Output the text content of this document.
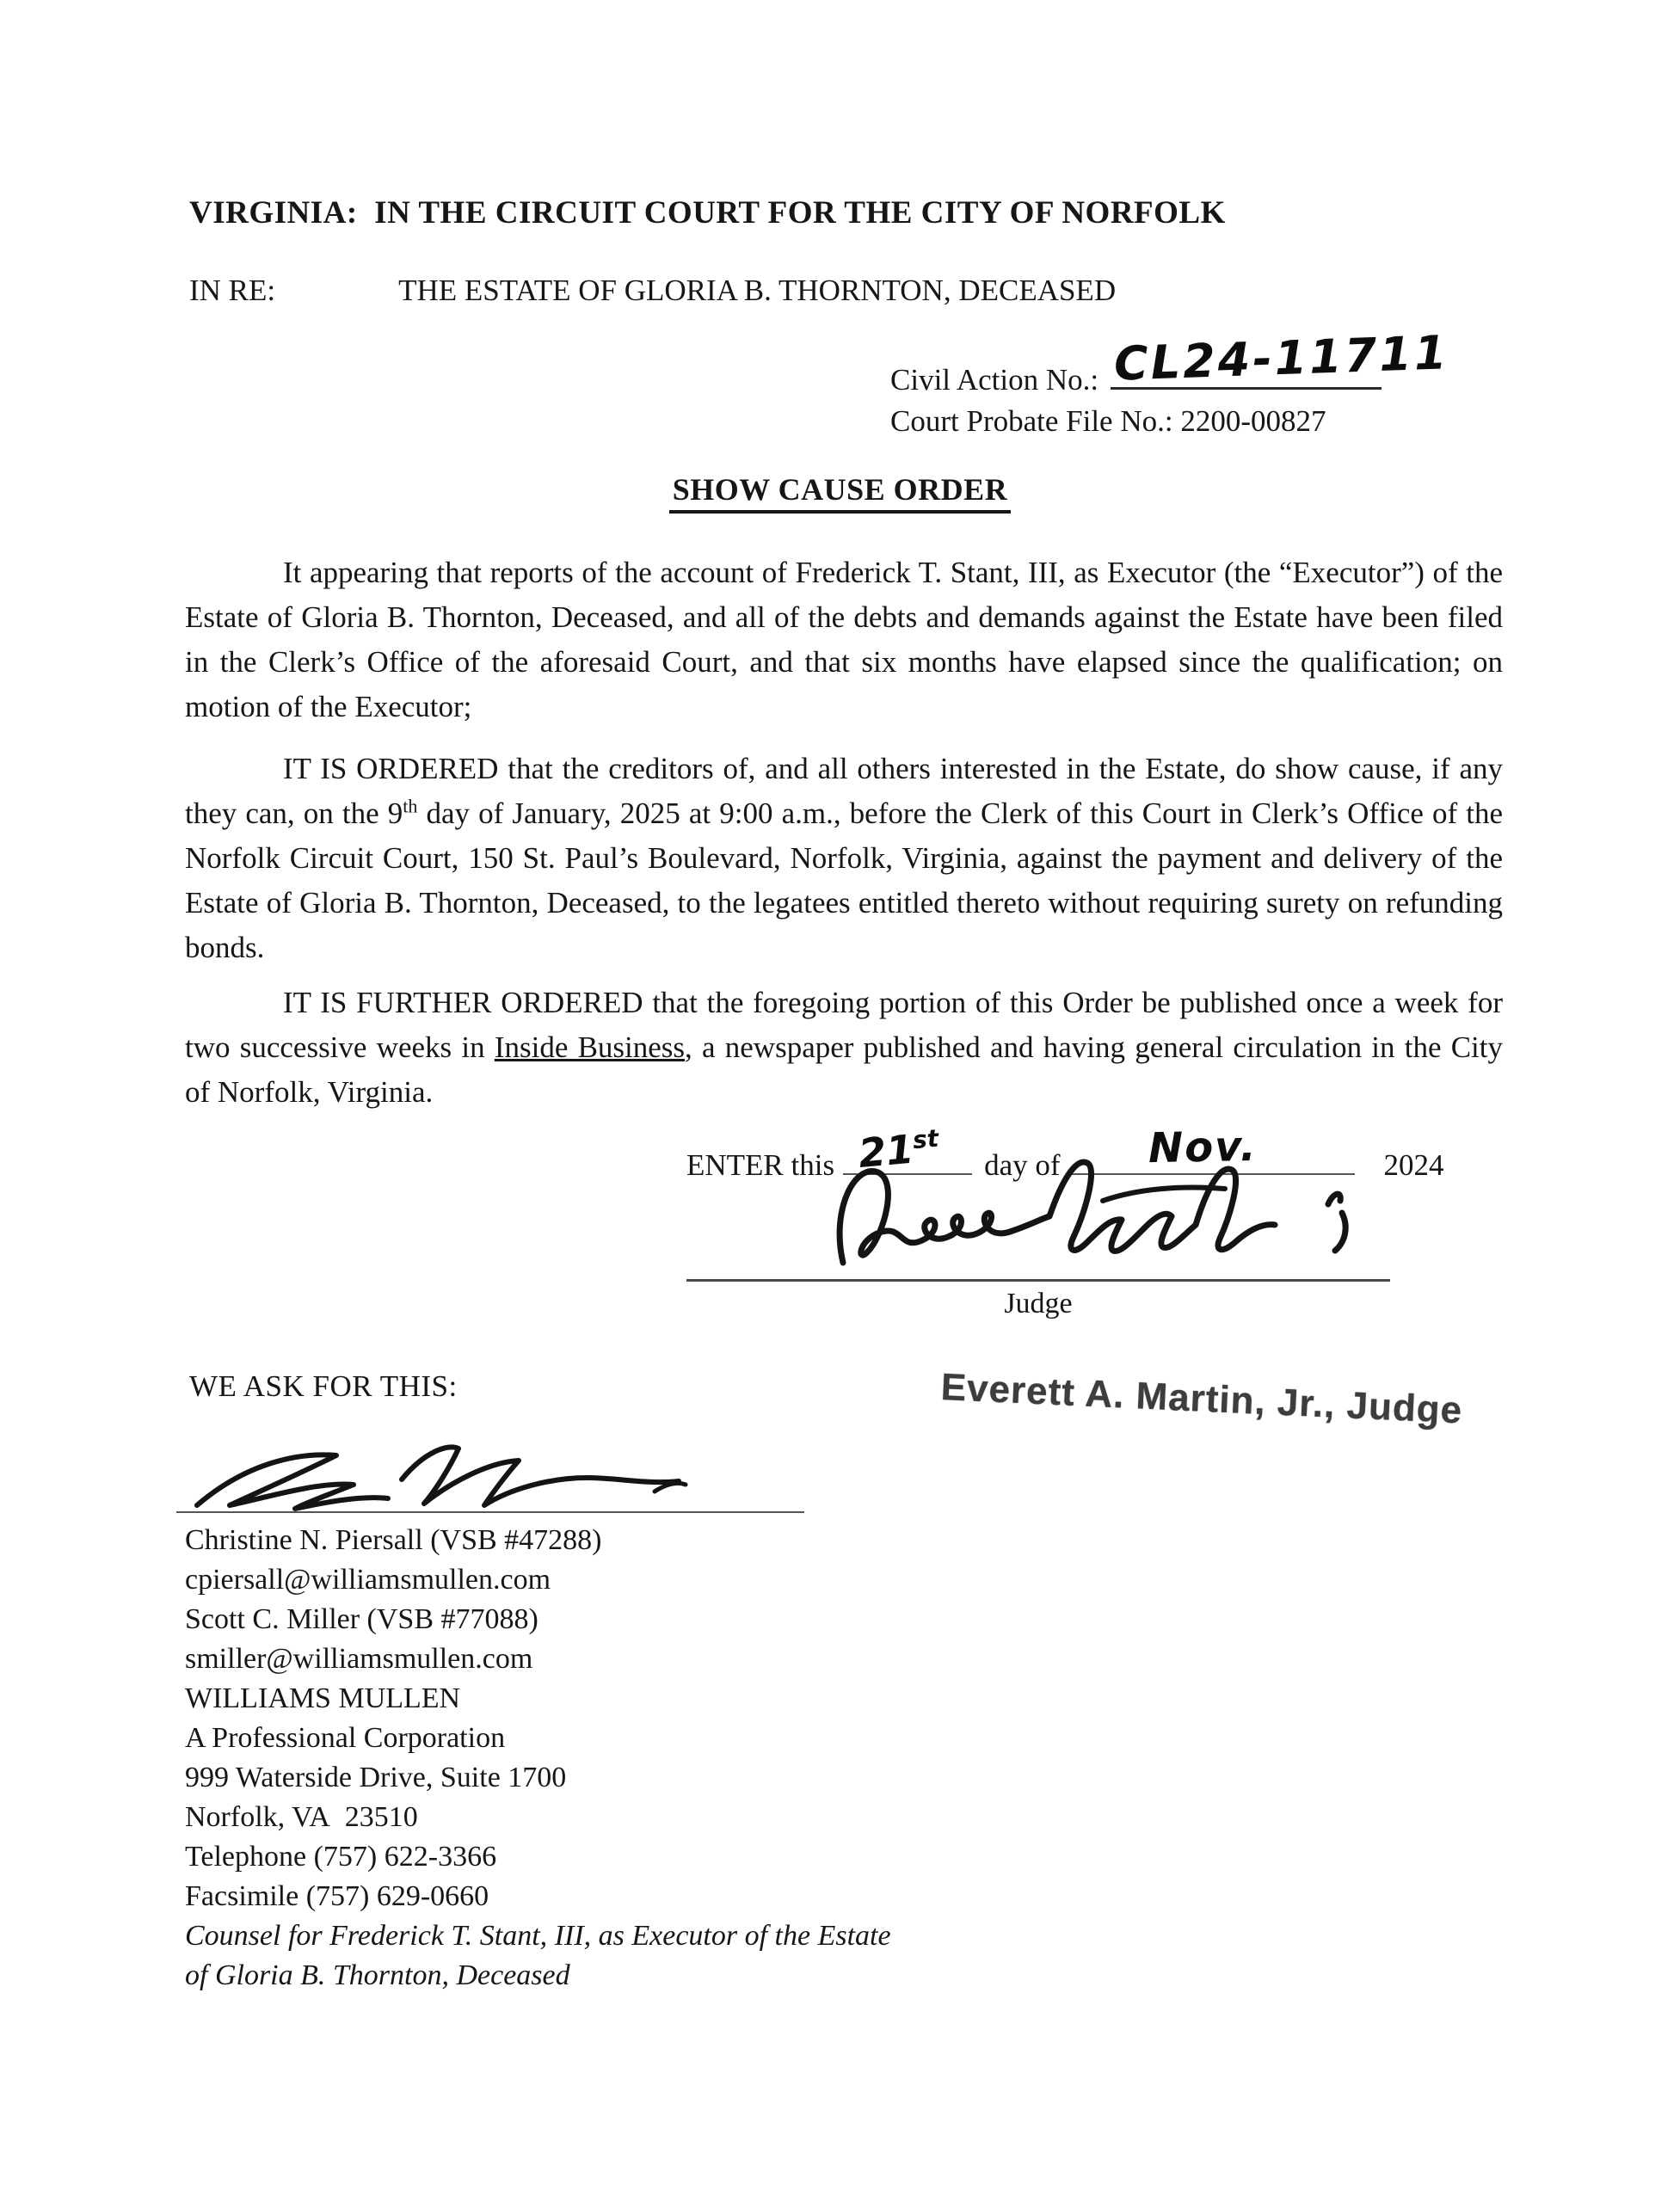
VIRGINIA:  IN THE CIRCUIT COURT FOR THE CITY OF NORFOLK
IN RE:	THE ESTATE OF GLORIA B. THORNTON, DECEASED
Civil Action No.: CL24-11711
Court Probate File No.: 2200-00827
SHOW CAUSE ORDER
It appearing that reports of the account of Frederick T. Stant, III, as Executor (the “Executor”) of the Estate of Gloria B. Thornton, Deceased, and all of the debts and demands against the Estate have been filed in the Clerk’s Office of the aforesaid Court, and that six months have elapsed since the qualification; on motion of the Executor;
IT IS ORDERED that the creditors of, and all others interested in the Estate, do show cause, if any they can, on the 9th day of January, 2025 at 9:00 a.m., before the Clerk of this Court in Clerk’s Office of the Norfolk Circuit Court, 150 St. Paul’s Boulevard, Norfolk, Virginia, against the payment and delivery of the Estate of Gloria B. Thornton, Deceased, to the legatees entitled thereto without requiring surety on refunding bonds.
IT IS FURTHER ORDERED that the foregoing portion of this Order be published once a week for two successive weeks in Inside Business, a newspaper published and having general circulation in the City of Norfolk, Virginia.
ENTER this 21st
day of Nov.	2024
Judge
WE ASK FOR THIS:	Everett A. Martin, Jr., Judge
Christine N. Piersall (VSB #47288)
cpiersall@williamsmullen.com
Scott C. Miller (VSB #77088)
smiller@williamsmullen.com
WILLIAMS MULLEN
A Professional Corporation
999 Waterside Drive, Suite 1700
Norfolk, VA  23510
Telephone (757) 622-3366
Facsimile (757) 629-0660
Counsel for Frederick T. Stant, III, as Executor of the Estate
of Gloria B. Thornton, Deceased
